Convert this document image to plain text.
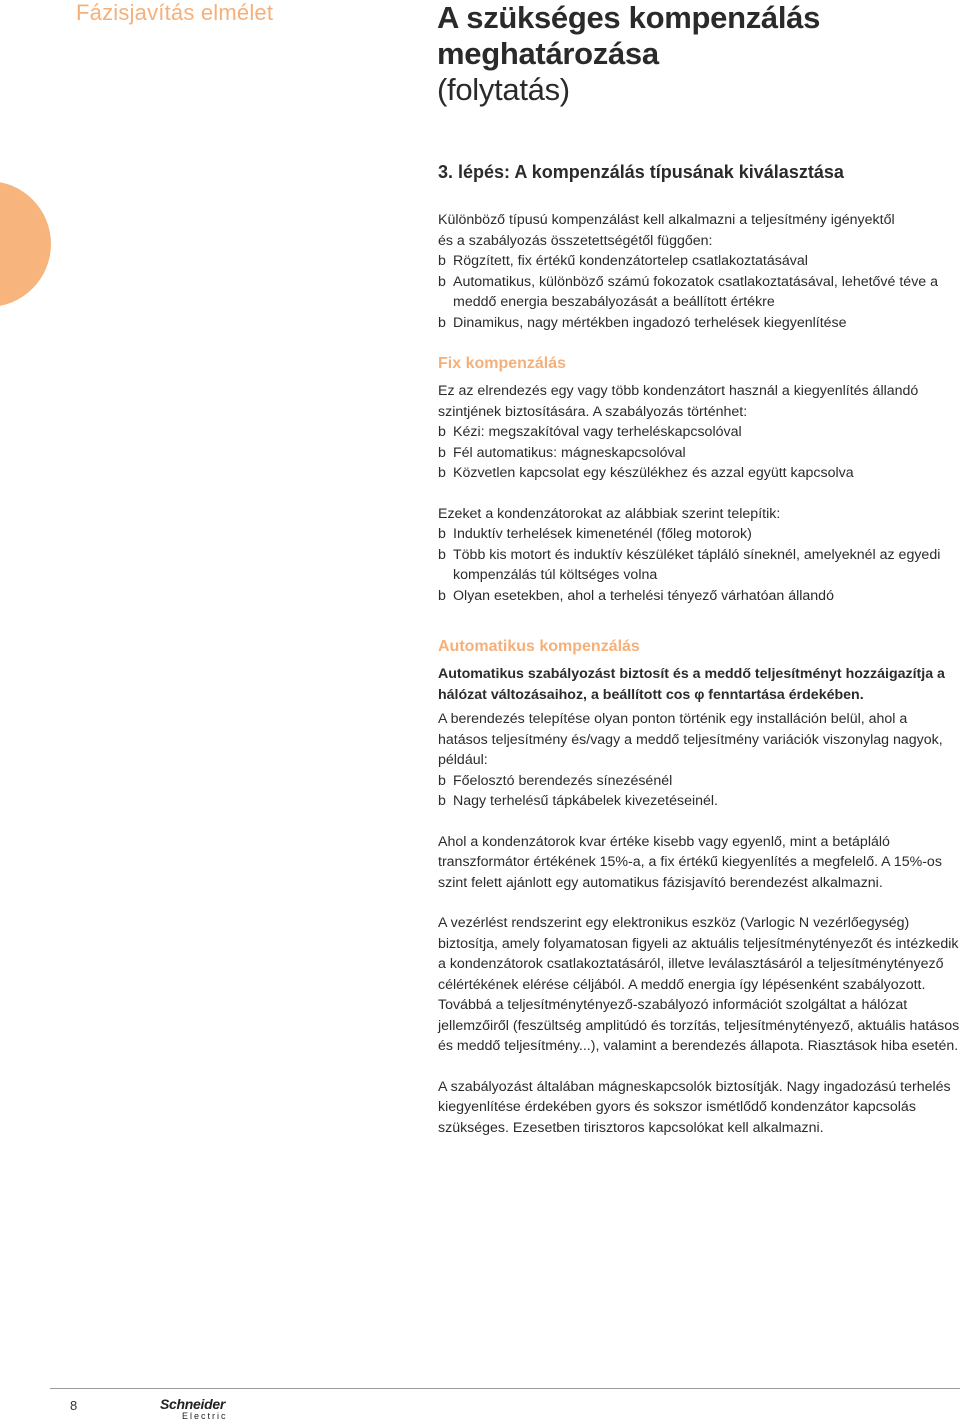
Fázisjavítás elmélet	A szükséges kompenzálás
meghatározása
(folytatás)
3. lépés: A kompenzálás típusának kiválasztása

Különböző típusú kompenzálást kell alkalmazni a teljesítmény igényektől

és a szabályozás összetettségétől függően:

b Rögzített, fix értékű kondenzátortelep csatlakoztatásával
b Automatikus, különböző számú fokozatok csatlakoztatásával, lehetővé téve a meddő energia beszabályozását a beállított értékre
b Dinamikus, nagy mértékben ingadozó terhelések kiegyenlítése
Fix kompenzálás

Ez az elrendezés egy vagy több kondenzátort használ a kiegyenlítés állandó szintjének biztosítására. A szabályozás történhet:

b Kézi: megszakítóval vagy terheléskapcsolóval
b Fél automatikus: mágneskapcsolóval
b Közvetlen kapcsolat egy készülékhez és azzal együtt kapcsolva

Ezeket a kondenzátorokat az alábbiak szerint telepítik:

b Induktív terhelések kimeneténél (főleg motorok)
b Több kis motort és induktív készüléket tápláló síneknél, amelyeknél az egyedi kompenzálás túl költséges volna
b Olyan esetekben, ahol a terhelési tényező várhatóan állandó
Automatikus kompenzálás

Automatikus szabályozást biztosít és a meddő teljesítményt hozzáigazítja a hálózat változásaihoz, a beállított cos φ fenntartása érdekében.

A berendezés telepítése olyan ponton történik egy installáción belül, ahol a hatásos teljesítmény és/vagy a meddő teljesítmény variációk viszonylag nagyok, például:

b Főelosztó berendezés sínezésénél
b Nagy terhelésű tápkábelek kivezetéseinél.

Ahol a kondenzátorok kvar értéke kisebb vagy egyenlő, mint a betápláló transzformátor értékének 15%-a, a fix értékű kiegyenlítés a megfelelő. A 15%-os szint felett ajánlott egy automatikus fázisjavító berendezést alkalmazni.

A vezérlést rendszerint egy elektronikus eszköz (Varlogic N vezérlőegység) biztosítja, amely folyamatosan figyeli az aktuális teljesítménytényezőt és intézkedik a kondenzátorok csatlakoztatásáról, illetve leválasztásáról a teljesítménytényező célértékének elérése céljából. A meddő energia így lépésenként szabályozott. Továbbá a teljesítménytényező-szabályozó információt szolgáltat a hálózat jellemzőiről (feszültség amplitúdó és torzítás, teljesítménytényező, aktuális hatásos és meddő teljesítmény...), valamint a berendezés állapota. Riasztások hiba esetén.

A szabályozást általában mágneskapcsolók biztosítják. Nagy ingadozású terhelés kiegyenlítése érdekében gyors és sokszor ismétlődő kondenzátor kapcsolás szükséges. Ezesetben tirisztoros kapcsolókat kell alkalmazni.

8	Schneider
Electric
